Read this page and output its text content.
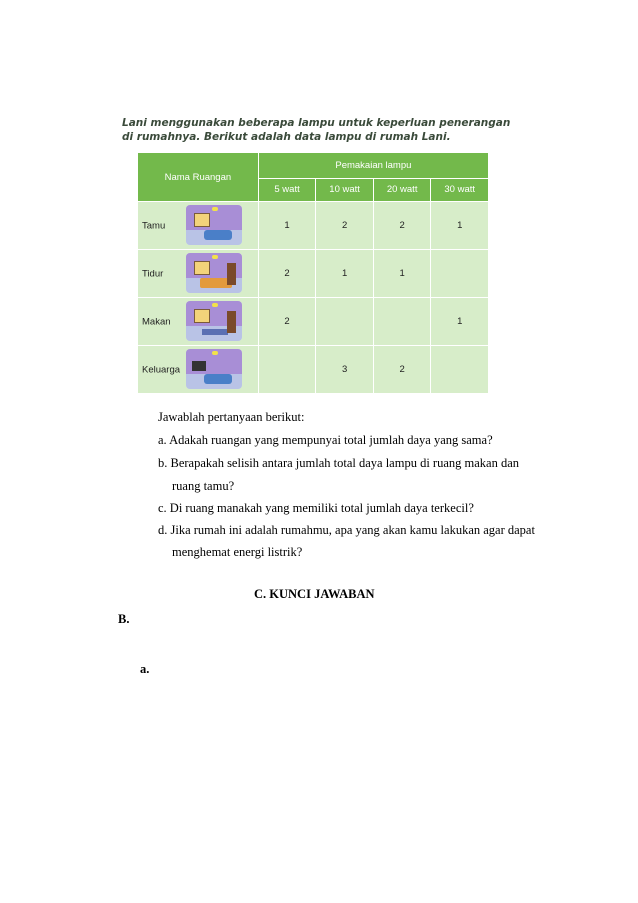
Lani menggunakan beberapa lampu untuk keperluan penerangan di rumahnya. Berikut adalah data lampu di rumah Lani.
Nama Ruangan	Pemakaian lampu			
	5 watt	10 watt	20 watt	30 watt

Tamu	1	2	2	1

Tidur	2	1	1	

Makan	2			1

Keluarga		3	2	
Jawablah pertanyaan berikut:
a. Adakah ruangan yang mempunyai total jumlah daya yang sama?
b. Berapakah selisih antara jumlah total daya lampu di ruang makan dan
ruang tamu?
c. Di ruang manakah yang memiliki total jumlah daya terkecil?
d. Jika rumah ini adalah rumahmu, apa yang akan kamu lakukan agar dapat
menghemat energi listrik?
C. KUNCI JAWABAN
B.
a.
